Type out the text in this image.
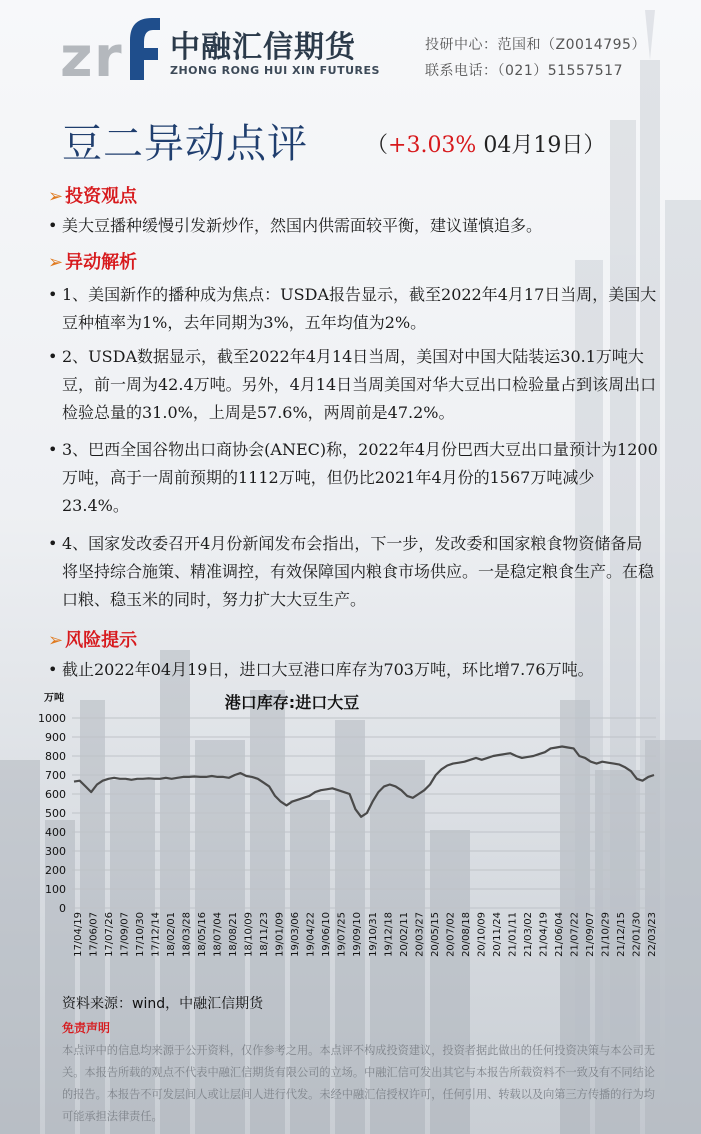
z r 中融汇信期货
ZHONG RONG HUI XIN FUTURES
投研中心：范国和（Z0014795）
联系电话：（021）51557517
豆二异动点评	（+3.03% 04月19日）
➢ 投资观点
• 美大豆播种缓慢引发新炒作，然国内供需面较平衡，建议谨慎追多。
➢ 异动解析
• 1、美国新作的播种成为焦点：USDA报告显示，截至2022年4月17日当周，美国大豆种植率为1%，去年同期为3%，五年均值为2%。
• 2、USDA数据显示，截至2022年4月14日当周，美国对中国大陆装运30.1万吨大豆，前一周为42.4万吨。另外，4月14日当周美国对华大豆出口检验量占到该周出口检验总量的31.0%，上周是57.6%，两周前是47.2%。
• 3、巴西全国谷物出口商协会(ANEC)称，2022年4月份巴西大豆出口量预计为1200万吨，高于一周前预期的1112万吨，但仍比2021年4月份的1567万吨减少23.4%。
• 4、国家发改委召开4月份新闻发布会指出，下一步，发改委和国家粮食物资储备局将坚持综合施策、精准调控，有效保障国内粮食市场供应。一是稳定粮食生产。在稳口粮、稳玉米的同时，努力扩大大豆生产。
➢ 风险提示
• 截止2022年04月19日，进口大豆港口库存为703万吨，环比增7.76万吨。
港口库存:进口大豆
万吨
0
100
200
300
400
500
600
700
800
900
1000
17/04/19 17/06/07 17/07/26 17/09/07 17/10/30 17/12/14 18/02/01 18/03/28 18/05/16 18/07/04 18/08/21 18/10/09 18/11/23 19/01/09 19/03/06 19/04/22 19/06/10 19/07/25 19/09/10 19/10/31 19/12/18 20/02/11 20/03/27 20/05/15 20/07/02 20/08/18 20/10/09 20/11/24 21/01/11 21/03/02 21/04/19 21/06/04 21/07/22 21/09/07 21/10/29 21/12/15 22/01/30 22/03/23
资料来源：wind，中融汇信期货
免责声明
本点评中的信息均来源于公开资料，仅作参考之用。本点评不构成投资建议，投资者据此做出的任何投资决策与本公司无关。本报告所载的观点不代表中融汇信期货有限公司的立场。中融汇信可发出其它与本报告所载资料不一致及有不同结论的报告。本报告不可发层间人或让层间人进行代发。未经中融汇信授权许可，任何引用、转载以及向第三方传播的行为均可能承担法律责任。
